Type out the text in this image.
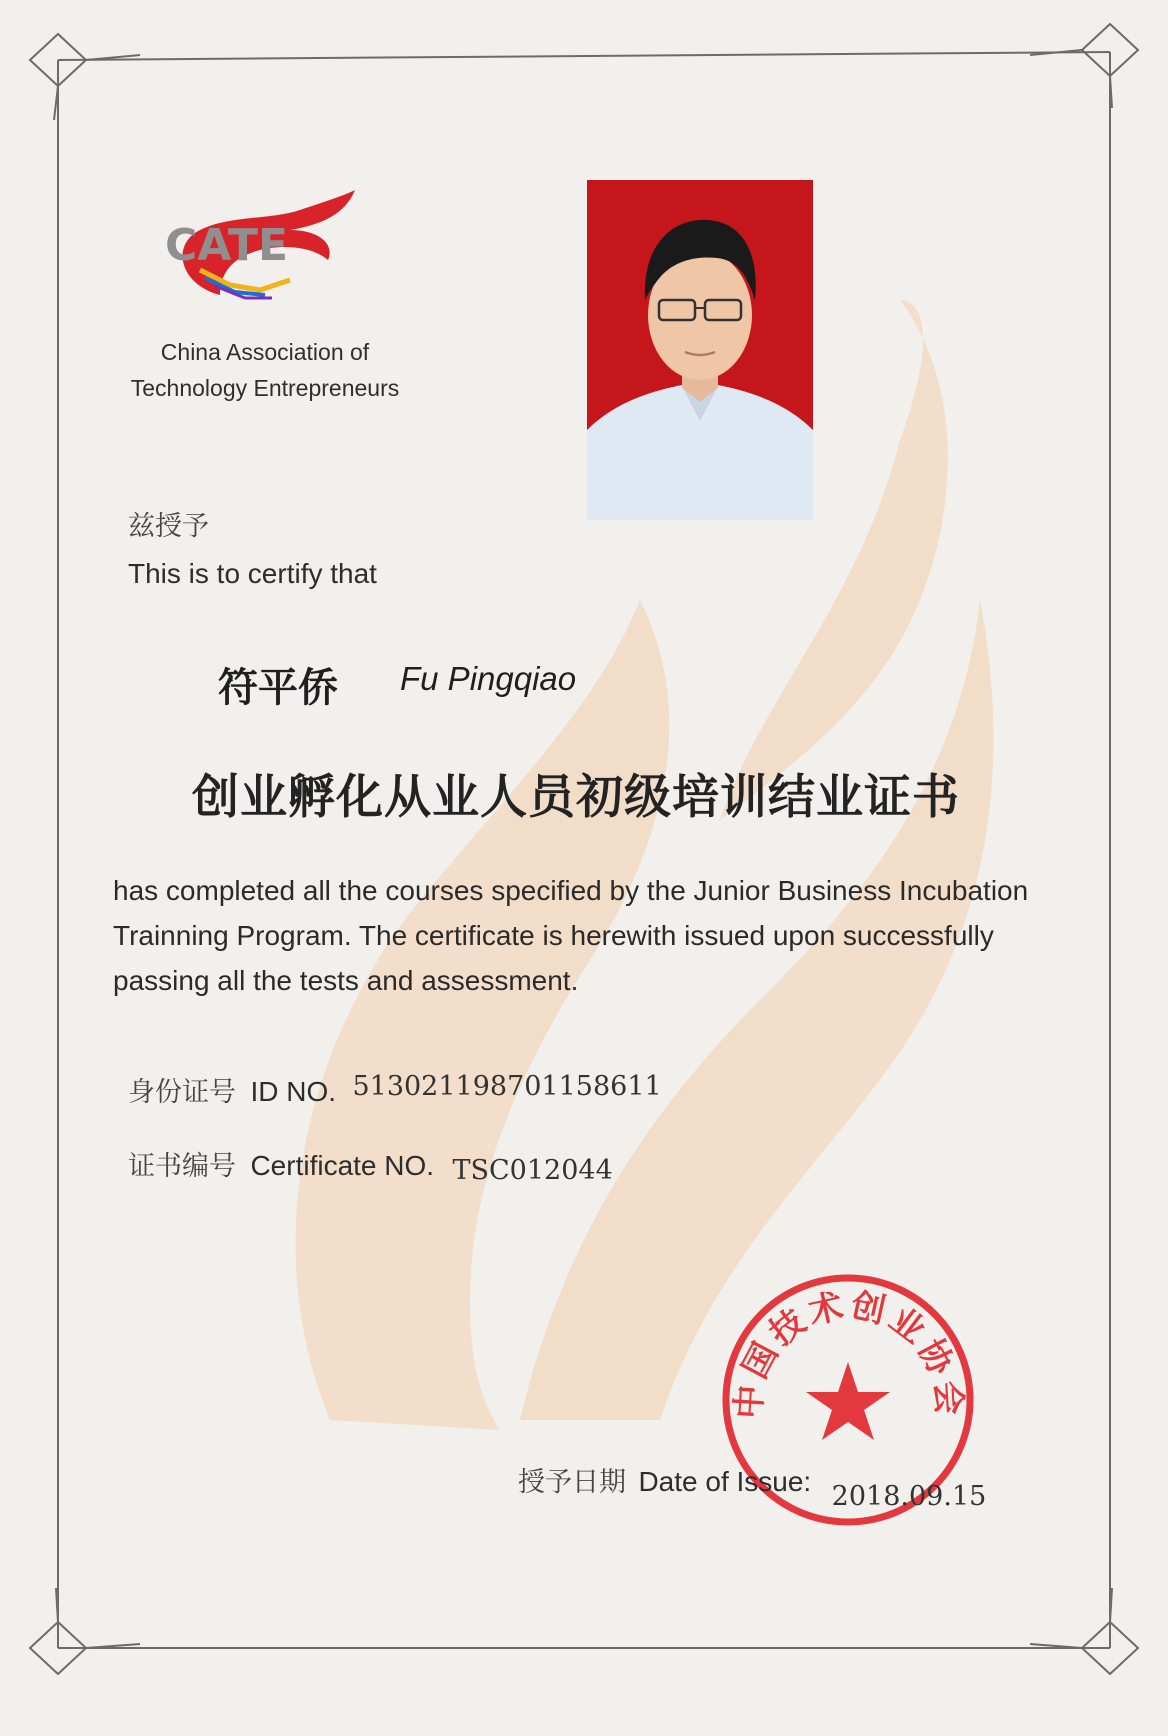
CATE
China Association of
Technology Entrepreneurs
兹授予
This is to certify that
符平侨 Fu Pingqiao
创业孵化从业人员初级培训结业证书
has completed all the courses specified by the Junior Business Incubation
Trainning Program. The certificate is herewith issued upon successfully
passing all the tests and assessment.
身份证号 ID NO. 513021198701158611
证书编号 Certificate NO. TSC012044
中国技术创业协会
授予日期 Date of Issue: 2018.09.15
